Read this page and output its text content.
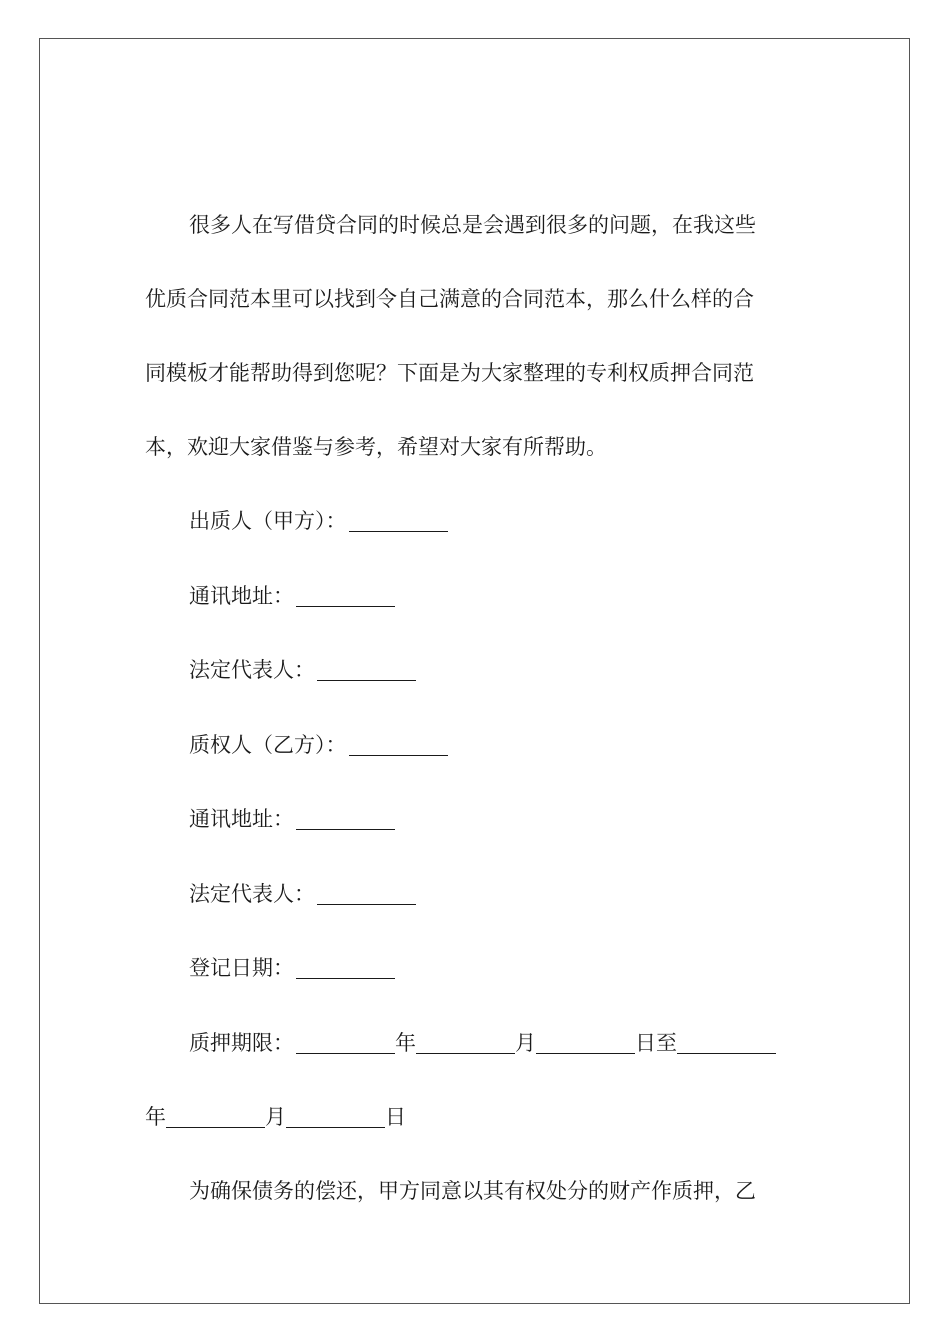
很多人在写借贷合同的时候总是会遇到很多的问题，在我这些
优质合同范本里可以找到令自己满意的合同范本，那么什么样的合
同模板才能帮助得到您呢？下面是为大家整理的专利权质押合同范
本，欢迎大家借鉴与参考，希望对大家有所帮助。
出质人（甲方）：
通讯地址：
法定代表人：
质权人（乙方）：
通讯地址：
法定代表人：
登记日期：
质押期限：	年	月	日至
年	月	日
为确保债务的偿还，甲方同意以其有权处分的财产作质押，乙
